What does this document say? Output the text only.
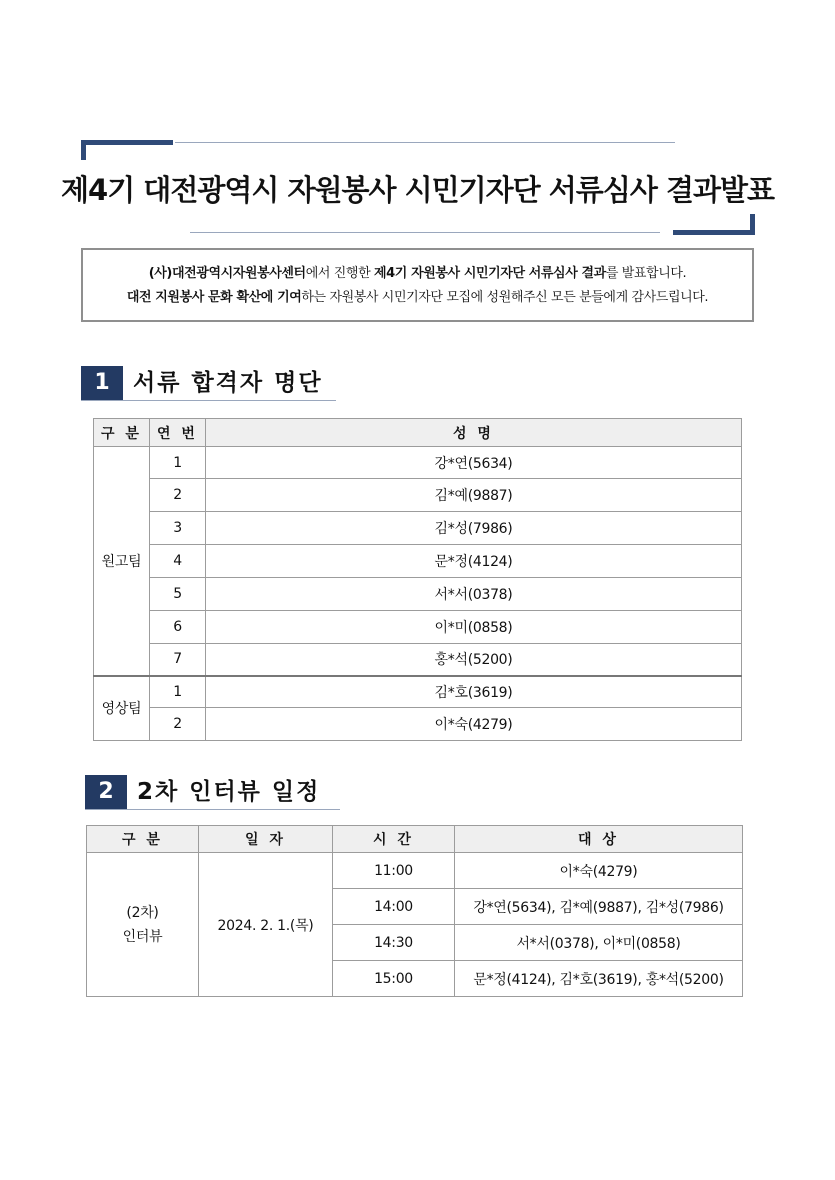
제4기 대전광역시 자원봉사 시민기자단 서류심사 결과발표
(사)대전광역시자원봉사센터에서 진행한 제4기 자원봉사 시민기자단 서류심사 결과를 발표합니다.
대전 지원봉사 문화 확산에 기여하는 자원봉사 시민기자단 모집에 성원해주신 모든 분들에게 감사드립니다.
1	서류 합격자 명단
구 분	연 번	성 명
원고팀	1	강*연(5634)
	2	김*예(9887)
	3	김*성(7986)
	4	문*정(4124)
	5	서*서(0378)
	6	이*미(0858)
	7	홍*석(5200)
영상팀	1	김*호(3619)
	2	이*숙(4279)
2	2차 인터뷰 일정
구 분	일 자	시 간	대 상

(2차)
인터뷰	2024. 2. 1.(목)	11:00	이*숙(4279)
		14:00	강*연(5634), 김*예(9887), 김*성(7986)
		14:30	서*서(0378), 이*미(0858)
		15:00	문*정(4124), 김*호(3619), 홍*석(5200)
